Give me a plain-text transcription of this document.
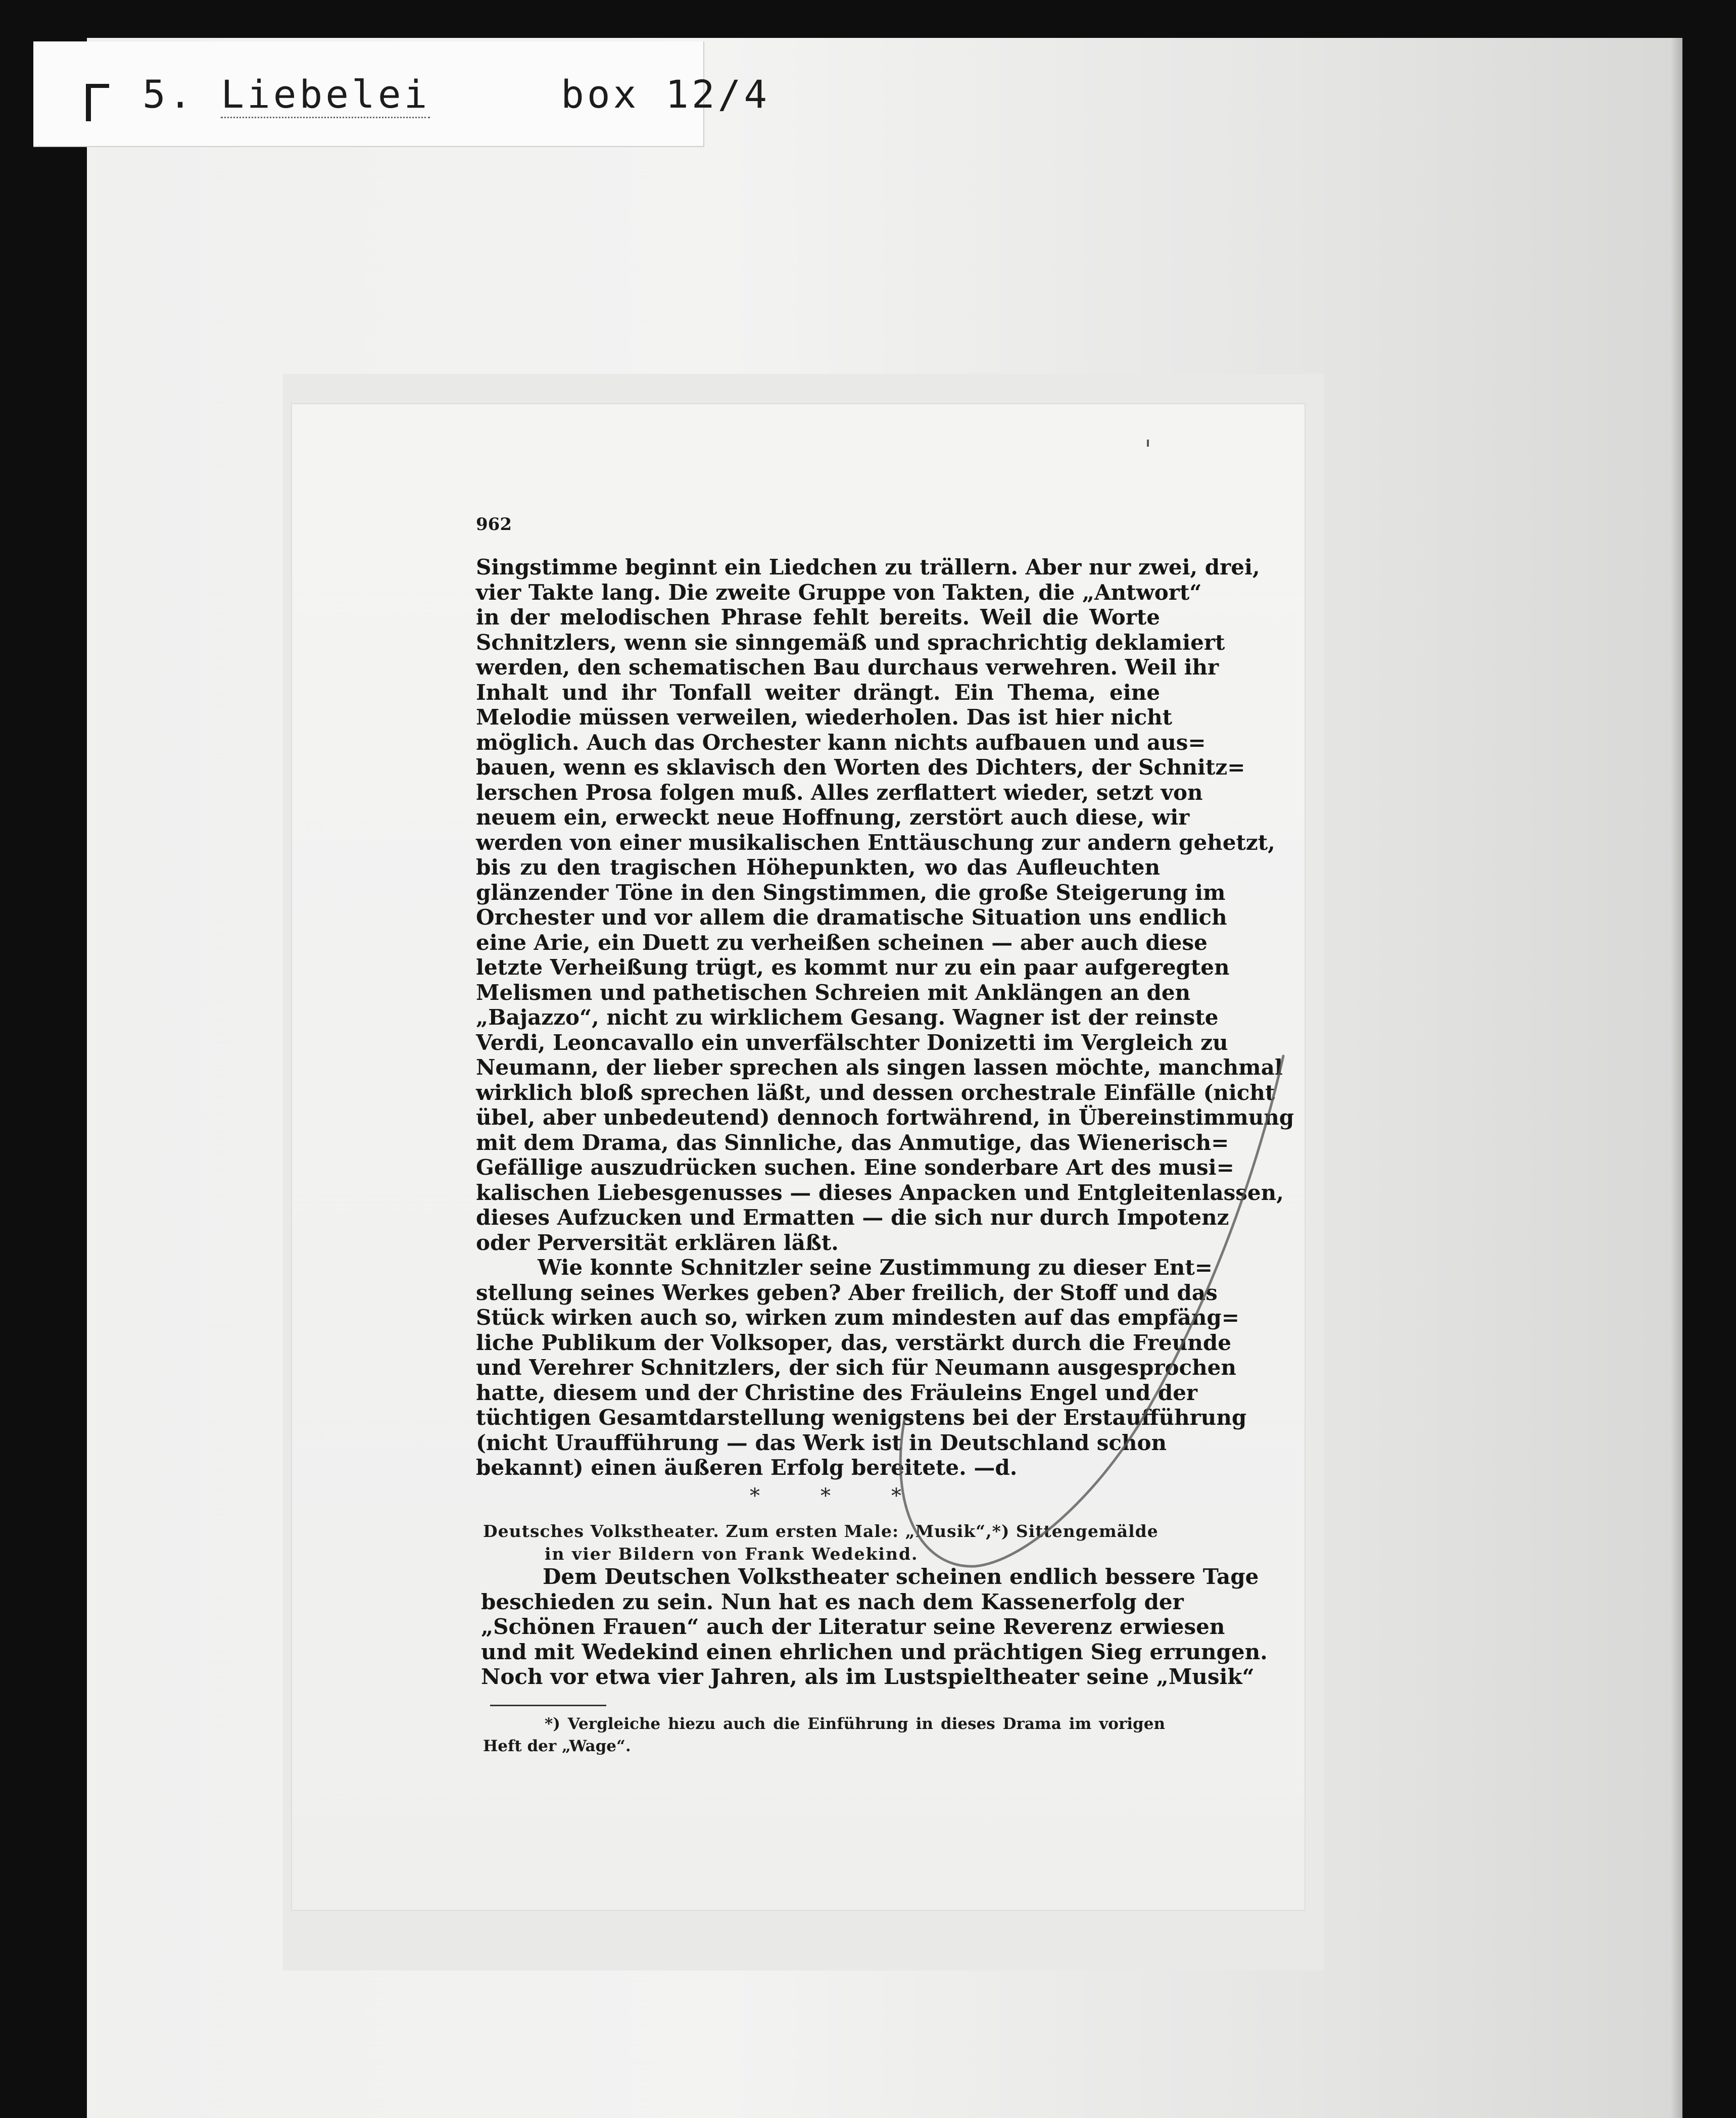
5. Liebelei	box 12/4
962
Singstimme beginnt ein Liedchen zu trällern. Aber nur zwei, drei,
vier Takte lang. Die zweite Gruppe von Takten, die „Antwort“
in der melodischen Phrase fehlt bereits. Weil die Worte
Schnitzlers, wenn sie sinngemäß und sprachrichtig deklamiert
werden, den schematischen Bau durchaus verwehren. Weil ihr
Inhalt und ihr Tonfall weiter drängt. Ein Thema, eine
Melodie müssen verweilen, wiederholen. Das ist hier nicht
möglich. Auch das Orchester kann nichts aufbauen und aus=
bauen, wenn es sklavisch den Worten des Dichters, der Schnitz=
lerschen Prosa folgen muß. Alles zerflattert wieder, setzt von
neuem ein, erweckt neue Hoffnung, zerstört auch diese, wir
werden von einer musikalischen Enttäuschung zur andern gehetzt,
bis zu den tragischen Höhepunkten, wo das Aufleuchten
glänzender Töne in den Singstimmen, die große Steigerung im
Orchester und vor allem die dramatische Situation uns endlich
eine Arie, ein Duett zu verheißen scheinen — aber auch diese
letzte Verheißung trügt, es kommt nur zu ein paar aufgeregten
Melismen und pathetischen Schreien mit Anklängen an den
„Bajazzo“, nicht zu wirklichem Gesang. Wagner ist der reinste
Verdi, Leoncavallo ein unverfälschter Donizetti im Vergleich zu
Neumann, der lieber sprechen als singen lassen möchte, manchmal
wirklich bloß sprechen läßt, und dessen orchestrale Einfälle (nicht
übel, aber unbedeutend) dennoch fortwährend, in Übereinstimmung
mit dem Drama, das Sinnliche, das Anmutige, das Wienerisch=
Gefällige auszudrücken suchen. Eine sonderbare Art des musi=
kalischen Liebesgenusses — dieses Anpacken und Entgleitenlassen,
dieses Aufzucken und Ermatten — die sich nur durch Impotenz
oder Perversität erklären läßt.
Wie konnte Schnitzler seine Zustimmung zu dieser Ent=
stellung seines Werkes geben? Aber freilich, der Stoff und das
Stück wirken auch so, wirken zum mindesten auf das empfäng=
liche Publikum der Volksoper, das, verstärkt durch die Freunde
und Verehrer Schnitzlers, der sich für Neumann ausgesprochen
hatte, diesem und der Christine des Fräuleins Engel und der
tüchtigen Gesamtdarstellung wenigstens bei der Erstaufführung
(nicht Uraufführung — das Werk ist in Deutschland schon
bekannt) einen äußeren Erfolg bereitete. —d.
*	*	*
Deutsches Volkstheater. Zum ersten Male: „Musik“,*) Sittengemälde
in vier Bildern von Frank Wedekind.
Dem Deutschen Volkstheater scheinen endlich bessere Tage
beschieden zu sein. Nun hat es nach dem Kassenerfolg der
„Schönen Frauen“ auch der Literatur seine Reverenz erwiesen
und mit Wedekind einen ehrlichen und prächtigen Sieg errungen.
Noch vor etwa vier Jahren, als im Lustspieltheater seine „Musik“
*) Vergleiche hiezu auch die Einführung in dieses Drama im vorigen
Heft der „Wage“.
